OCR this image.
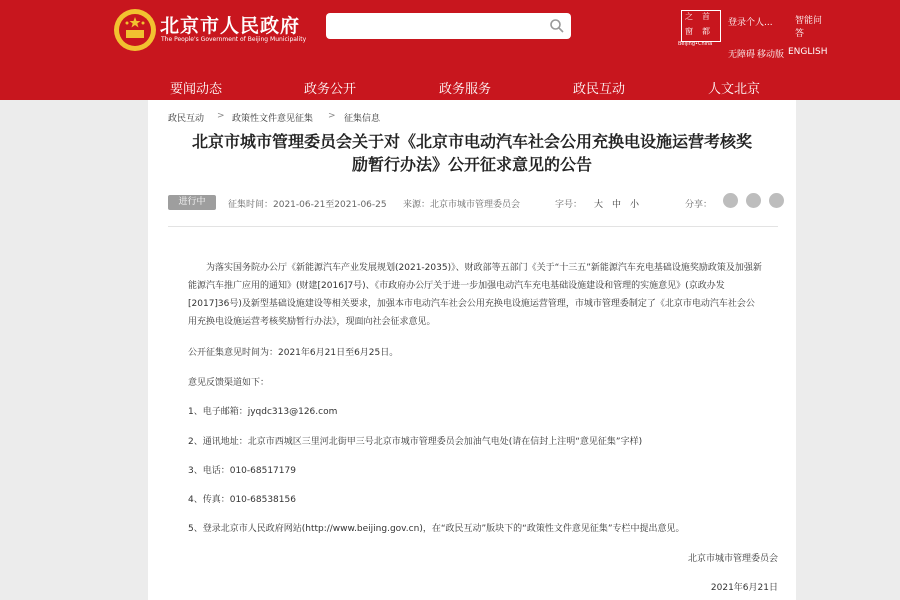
北京市人民政府
The People's Government of Beijing Municipality
之 首
窗 都
Beijing•China
登录个人... 智能问答
无障碍 移动版 ENGLISH
要闻动态	政务公开	政务服务	政民互动	人文北京
政民互动 > 政策性文件意见征集 > 征集信息
北京市城市管理委员会关于对《北京市电动汽车社会公用充换电设施运营考核奖
励暂行办法》公开征求意见的公告
进行中	征集时间：2021-06-21至2021-06-25 来源：北京市城市管理委员会	字号： 大 中 小	分享：
为落实国务院办公厅《新能源汽车产业发展规划(2021-2035)》、财政部等五部门《关于“十三五”新能源汽车充电基础设施奖励政策及加强新能源汽车推广应用的通知》(财建[2016]7号)、《市政府办公厅关于进一步加强电动汽车充电基础设施建设和管理的实施意见》(京政办发[2017]36号)及新型基础设施建设等相关要求，加强本市电动汽车社会公用充换电设施运营管理，市城市管理委制定了《北京市电动汽车社会公用充换电设施运营考核奖励暂行办法》，现面向社会征求意见。
公开征集意见时间为：2021年6月21日至6月25日。
意见反馈渠道如下：
1、电子邮箱：jyqdc313@126.com
2、通讯地址：北京市西城区三里河北街甲三号北京市城市管理委员会加油气电处(请在信封上注明“意见征集”字样)
3、电话：010-68517179
4、传真：010-68538156
5、登录北京市人民政府网站(http://www.beijing.gov.cn)，在“政民互动”版块下的“政策性文件意见征集”专栏中提出意见。
北京市城市管理委员会
2021年6月21日
